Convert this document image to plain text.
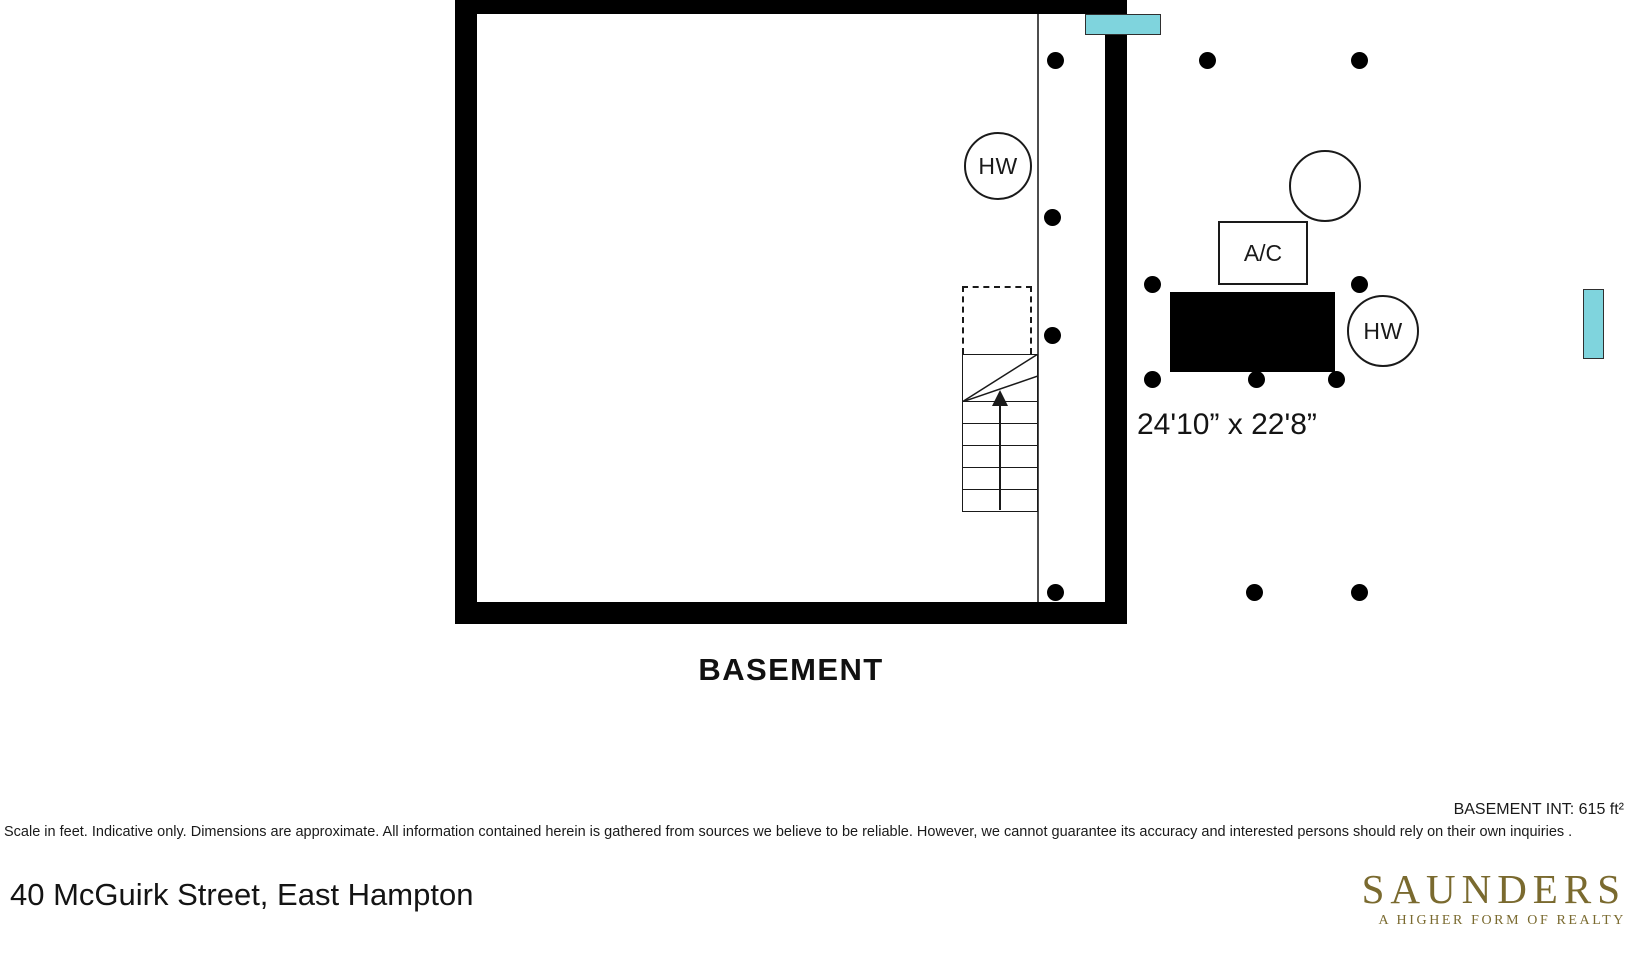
HW
A/C
HW
24'10” x 22'8”
BASEMENT
BASEMENT INT: 615 ft²
Scale in feet. Indicative only. Dimensions are approximate. All information contained herein is gathered from sources we believe to be reliable. However, we cannot guarantee its accuracy and interested persons should rely on their own inquiries .
40 McGuirk Street, East Hampton	SAUNDERS
A HIGHER FORM OF REALTY
